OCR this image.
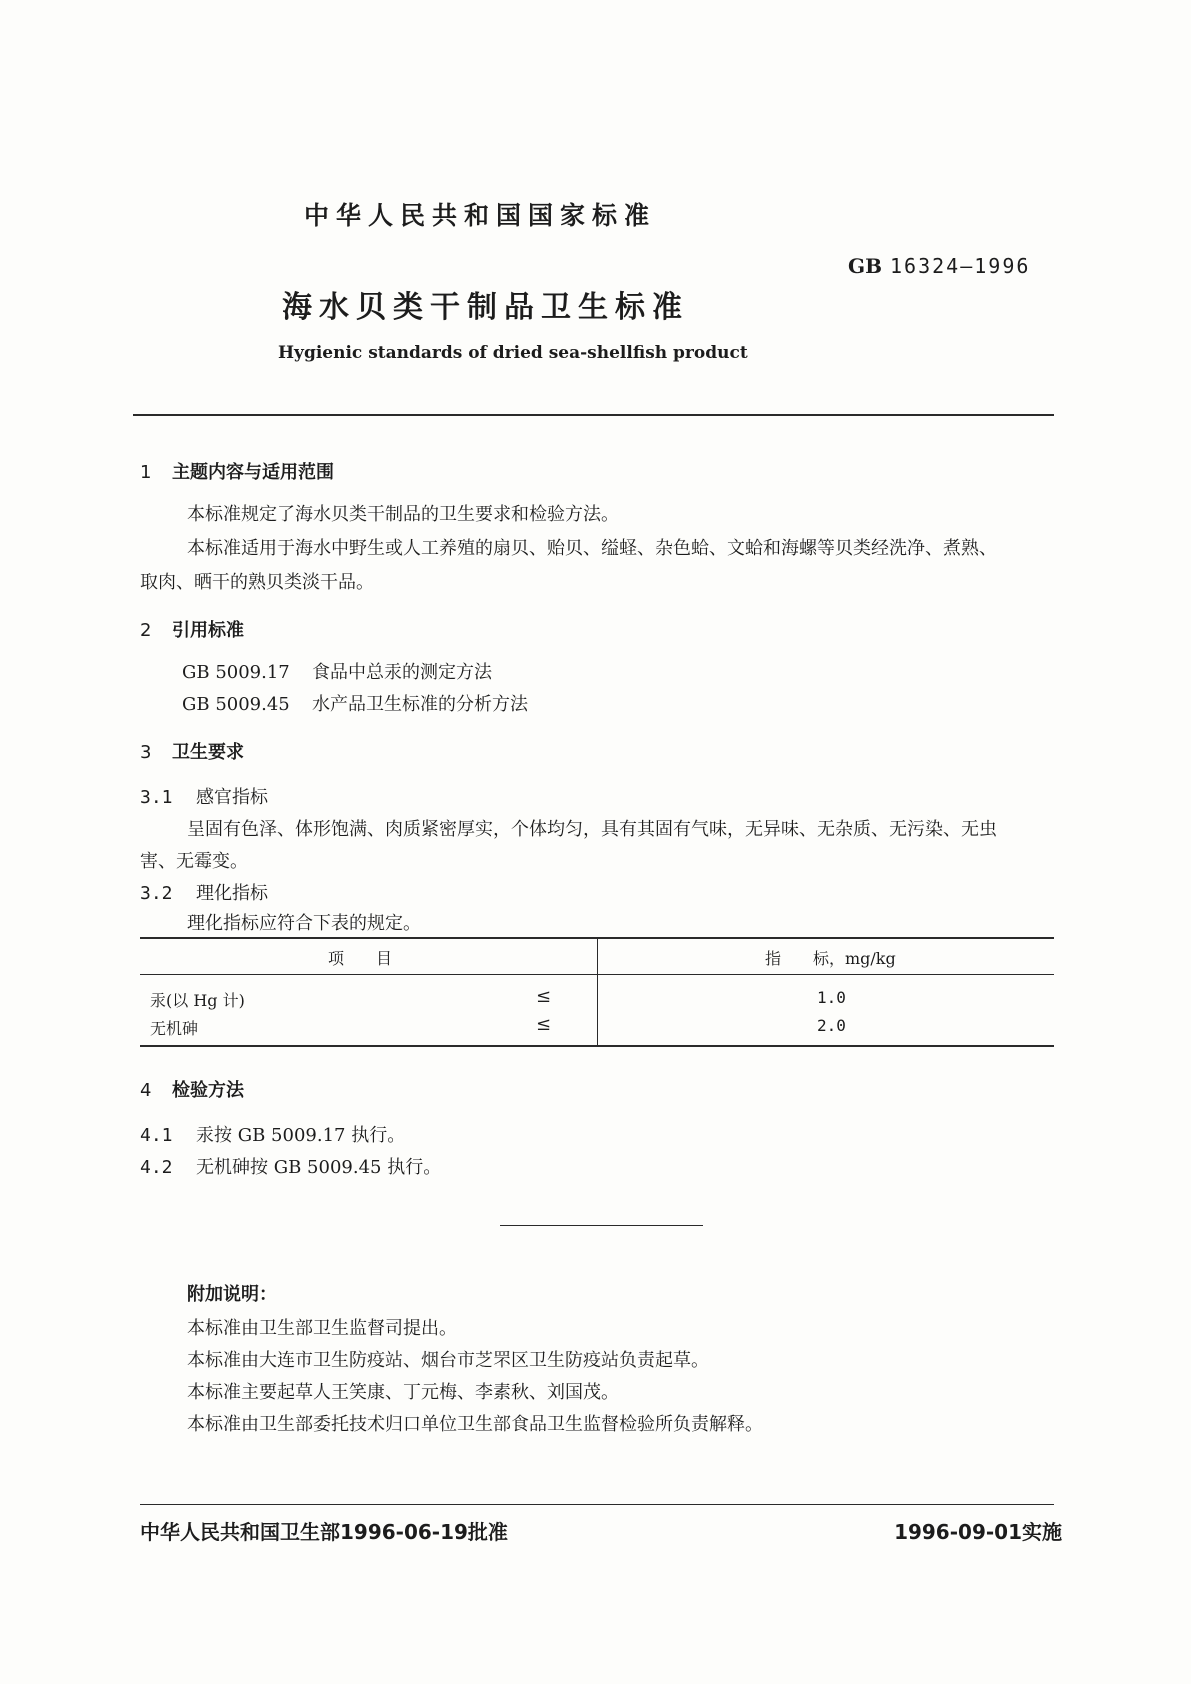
中华人民共和国国家标准
GB 16324—1996
海水贝类干制品卫生标准
Hygienic standards of dried sea-shellfish product
1 主题内容与适用范围
本标准规定了海水贝类干制品的卫生要求和检验方法。
本标准适用于海水中野生或人工养殖的扇贝、贻贝、缢蛏、杂色蛤、文蛤和海螺等贝类经洗净、煮熟、
取肉、晒干的熟贝类淡干品。
2 引用标准
GB 5009.17 食品中总汞的测定方法
GB 5009.45 水产品卫生标准的分析方法
3 卫生要求
3.1 感官指标
呈固有色泽、体形饱满、肉质紧密厚实，个体均匀，具有其固有气味，无异味、无杂质、无污染、无虫
害、无霉变。
3.2 理化指标
理化指标应符合下表的规定。
项　　目	指　　标，mg/kg
汞(以 Hg 计)	≤	1.0
无机砷	≤	2.0
4 检验方法
4.1 汞按 GB 5009.17 执行。
4.2 无机砷按 GB 5009.45 执行。
附加说明：
本标准由卫生部卫生监督司提出。
本标准由大连市卫生防疫站、烟台市芝罘区卫生防疫站负责起草。
本标准主要起草人王笑康、丁元梅、李素秋、刘国茂。
本标准由卫生部委托技术归口单位卫生部食品卫生监督检验所负责解释。
中华人民共和国卫生部1996-06-19批准	1996-09-01实施
